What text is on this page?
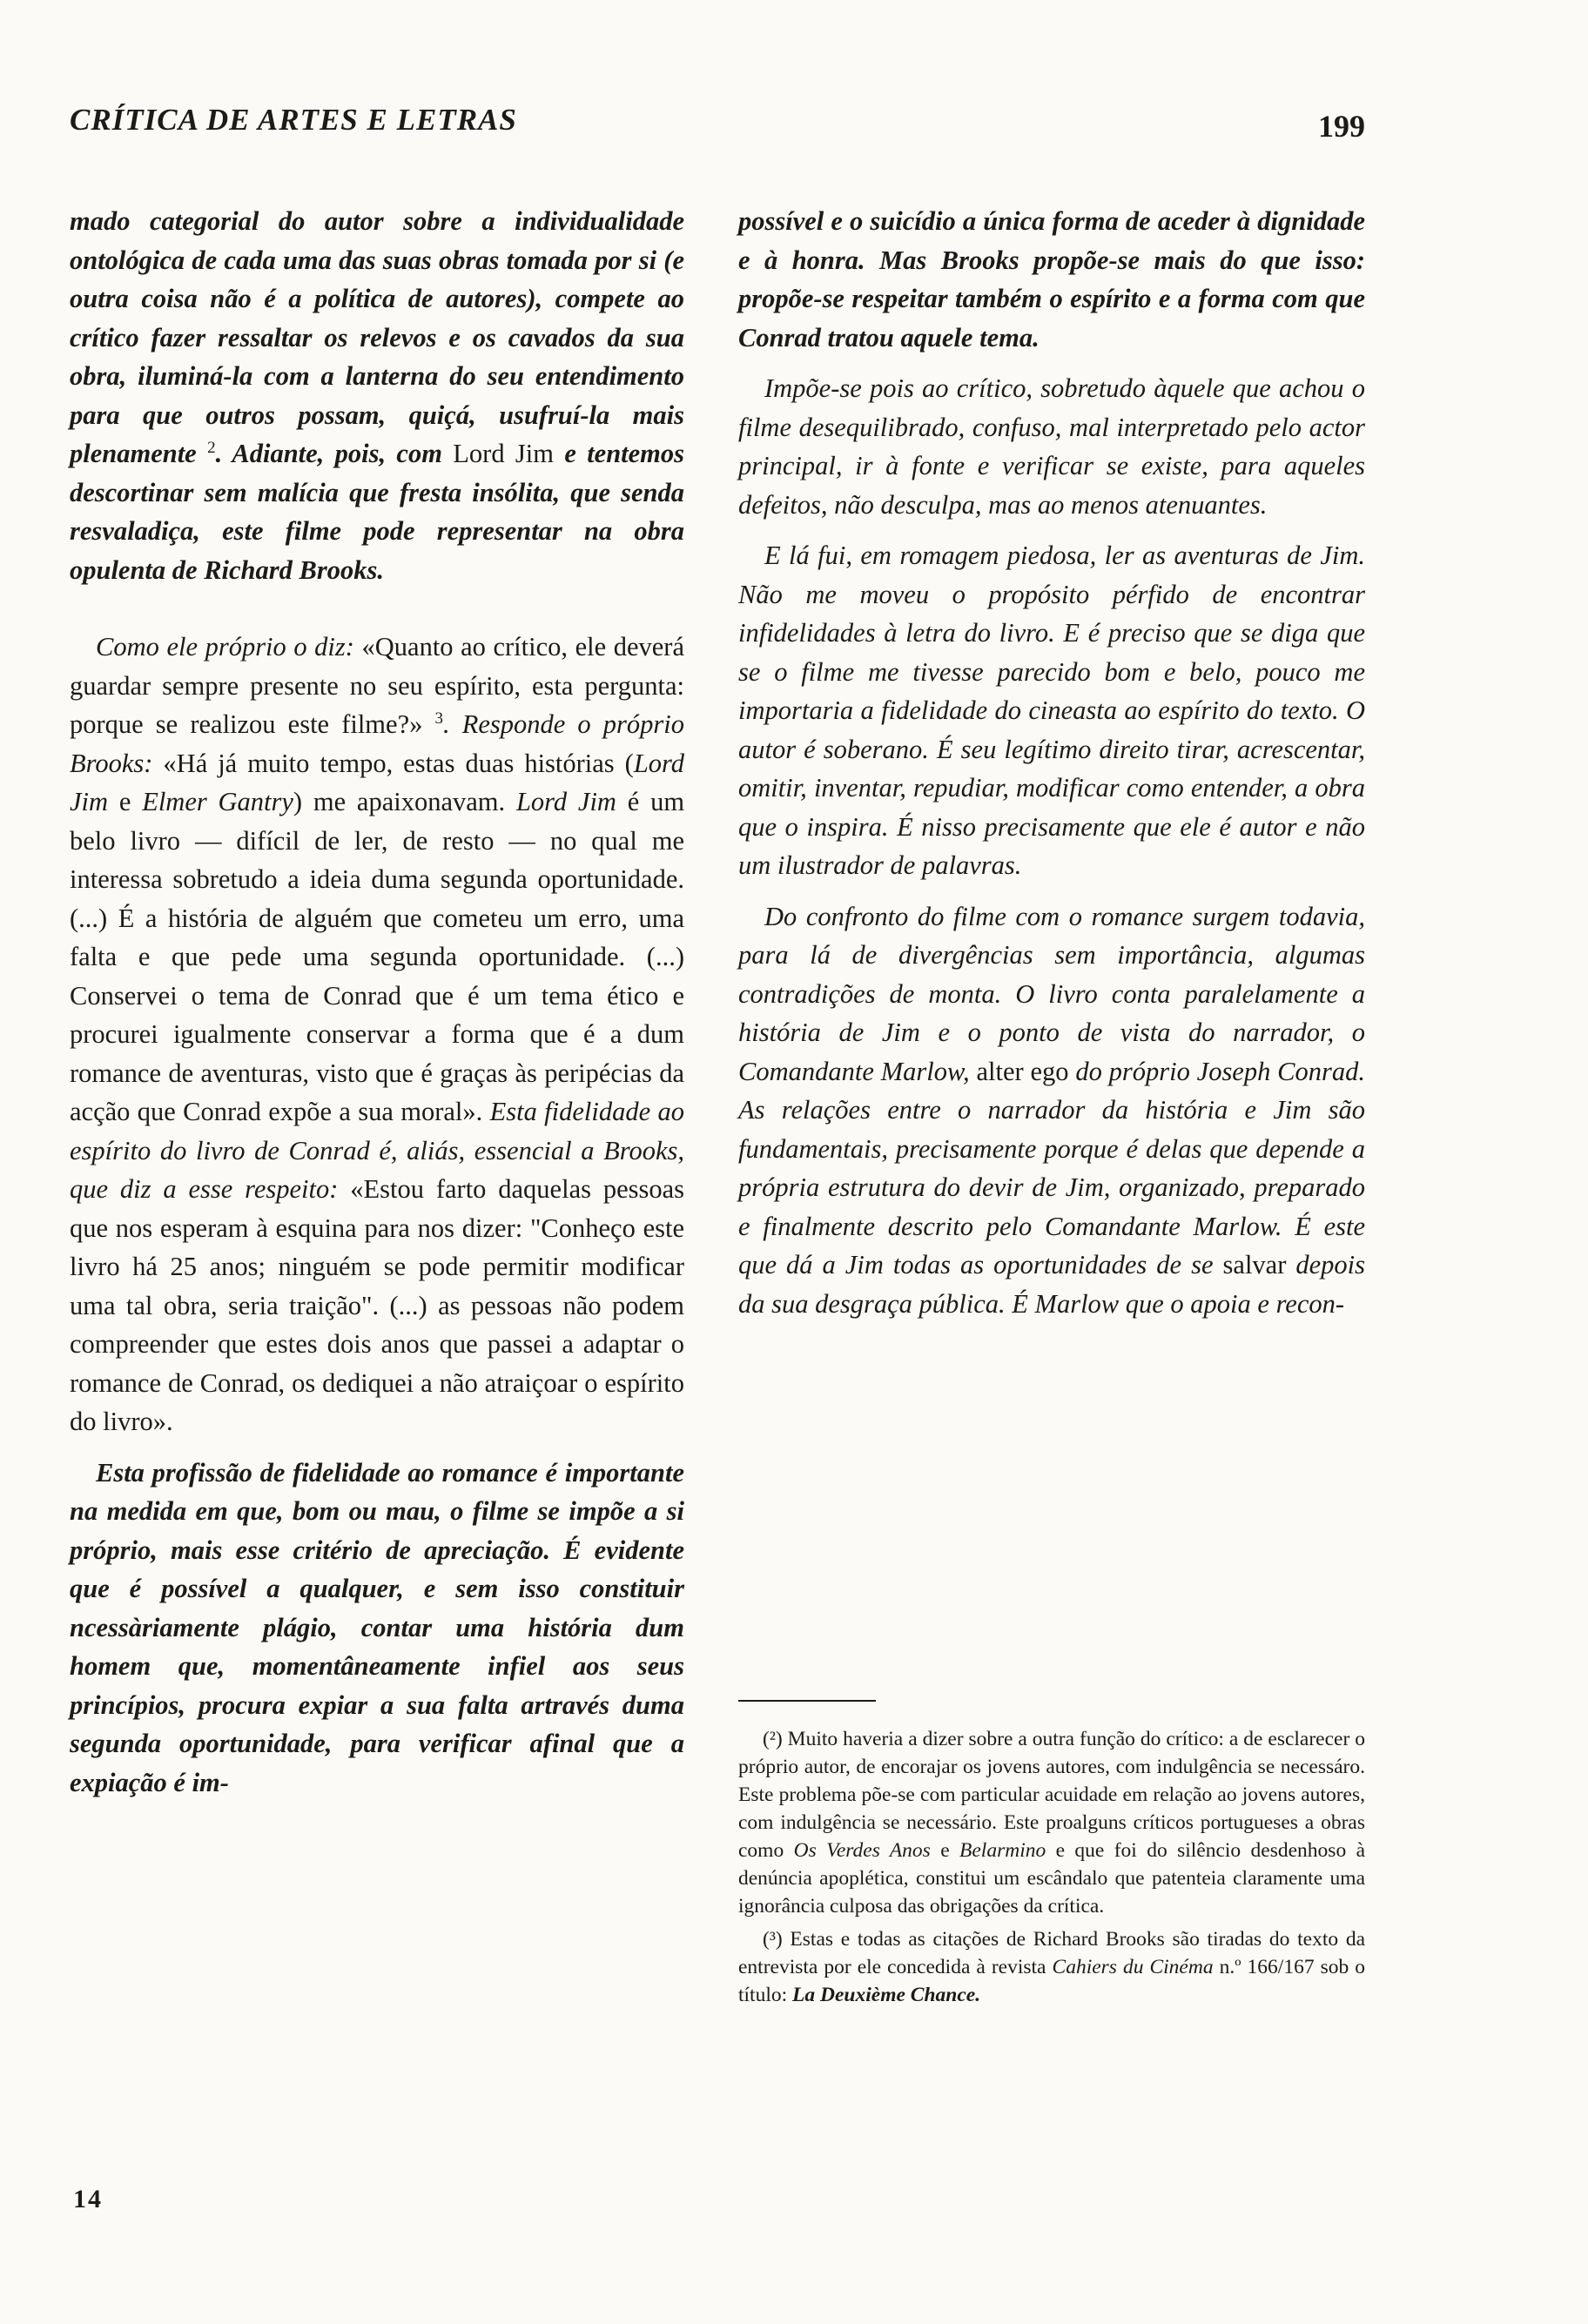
CRÍTICA DE ARTES E LETRAS	199

mado categorial do autor sobre a individualidade ontológica de cada uma das suas obras tomada por si (e outra coisa não é a política de autores), compete ao crítico fazer ressaltar os relevos e os cavados da sua obra, iluminá-la com a lanterna do seu entendimento para que outros possam, quiçá, usufruí-la mais plenamente $^2$. Adiante, pois, com Lord Jim e tentemos descortinar sem malícia que fresta insólita, que senda resvaladiça, este filme pode representar na obra opulenta de Richard Brooks.

Como ele próprio o diz: «Quanto ao crítico, ele deverá guardar sempre presente no seu espírito, esta pergunta: porque se realizou este filme?» $^3$. Responde o próprio Brooks: «Há já muito tempo, estas duas histórias (Lord Jim e Elmer Gantry) me apaixonavam. Lord Jim é um belo livro — difícil de ler, de resto — no qual me interessa sobretudo a ideia duma segunda oportunidade. (...) É a história de alguém que cometeu um erro, uma falta e que pede uma segunda oportunidade. (...) Conservei o tema de Conrad que é um tema ético e procurei igualmente conservar a forma que é a dum romance de aventuras, visto que é graças às peripécias da acção que Conrad expõe a sua moral». Esta fidelidade ao espírito do livro de Conrad é, aliás, essencial a Brooks, que diz a esse respeito: «Estou farto daquelas pessoas que nos esperam à esquina para nos dizer: "Conheço este livro há 25 anos; ninguém se pode permitir modificar uma tal obra, seria traição". (...) as pessoas não podem compreender que estes dois anos que passei a adaptar o romance de Conrad, os dediquei a não atraiçoar o espírito do livro».

Esta profissão de fidelidade ao romance é importante na medida em que, bom ou mau, o filme se impõe a si próprio, mais esse critério de apreciação. É evidente que é possível a qualquer, e sem isso constituir ncessàriamente plágio, contar uma história dum homem que, momentâneamente infiel aos seus princípios, procura expiar a sua falta artravés duma segunda oportunidade, para verificar afinal que a expiação é im-

possível e o suicídio a única forma de aceder à dignidade e à honra. Mas Brooks propõe-se mais do que isso: propõe-se respeitar também o espírito e a forma com que Conrad tratou aquele tema.

Impõe-se pois ao crítico, sobretudo àquele que achou o filme desequilibrado, confuso, mal interpretado pelo actor principal, ir à fonte e verificar se existe, para aqueles defeitos, não desculpa, mas ao menos atenuantes.

E lá fui, em romagem piedosa, ler as aventuras de Jim. Não me moveu o propósito pérfido de encontrar infidelidades à letra do livro. E é preciso que se diga que se o filme me tivesse parecido bom e belo, pouco me importaria a fidelidade do cineasta ao espírito do texto. O autor é soberano. É seu legítimo direito tirar, acrescentar, omitir, inventar, repudiar, modificar como entender, a obra que o inspira. É nisso precisamente que ele é autor e não um ilustrador de palavras.

Do confronto do filme com o romance surgem todavia, para lá de divergências sem importância, algumas contradições de monta. O livro conta paralelamente a história de Jim e o ponto de vista do narrador, o Comandante Marlow, alter ego do próprio Joseph Conrad. As relações entre o narrador da história e Jim são fundamentais, precisamente porque é delas que depende a própria estrutura do devir de Jim, organizado, preparado e finalmente descrito pelo Comandante Marlow. É este que dá a Jim todas as oportunidades de se salvar depois da sua desgraça pública. É Marlow que o apoia e recon-

(²) Muito haveria a dizer sobre a outra função do crítico: a de esclarecer o próprio autor, de encorajar os jovens autores, com indulgência se necessáro. Este problema põe-se com particular acuidade em relação ao jovens autores, com indulgência se necessário. Este proalguns críticos portugueses a obras como Os Verdes Anos e Belarmino e que foi do silêncio desdenhoso à denúncia apoplética, constitui um escândalo que patenteia claramente uma ignorância culposa das obrigações da crítica.

(³) Estas e todas as citações de Richard Brooks são tiradas do texto da entrevista por ele concedida à revista Cahiers du Cinéma n.º 166/167 sob o título: La Deuxième Chance.

14
